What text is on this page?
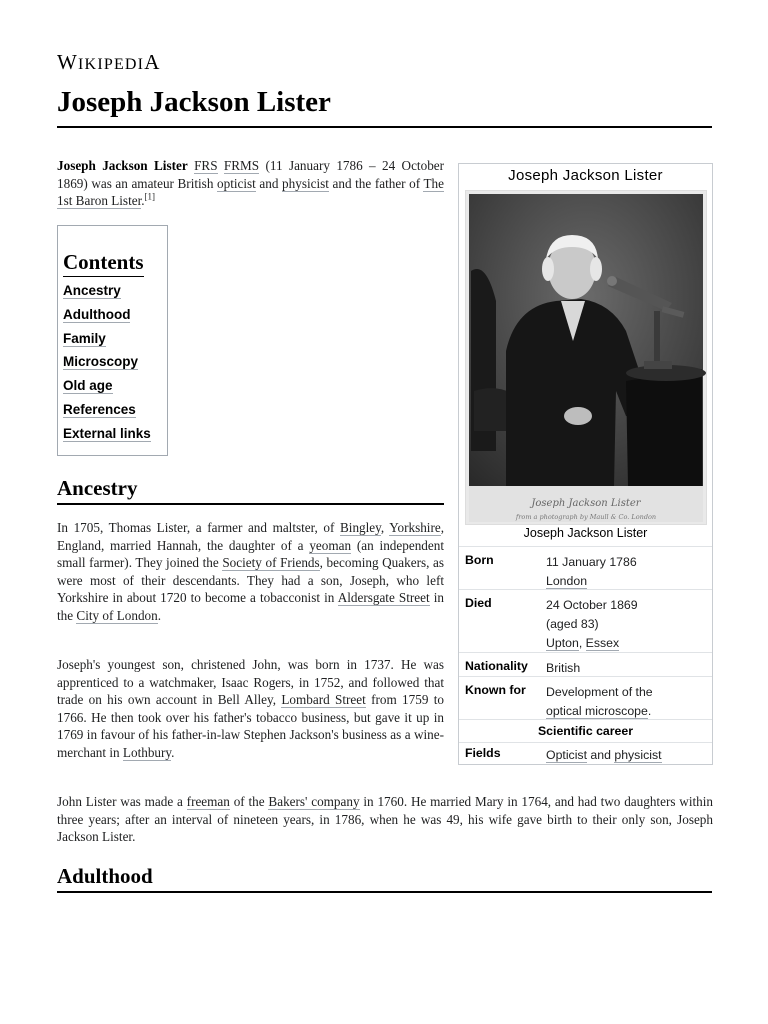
WIKIPEDIA
Joseph Jackson Lister

Joseph Jackson Lister FRS FRMS (11 January 1786 – 24 October 1869) was an amateur British opticist and physicist and the father of The 1st Baron Lister.[1]

Contents
Ancestry
Adulthood
Family
Microscopy
Old age
References
External links
Ancestry

In 1705, Thomas Lister, a farmer and maltster, of Bingley, Yorkshire, England, married Hannah, the daughter of a yeoman (an independent small farmer). They joined the Society of Friends, becoming Quakers, as were most of their descendants. They had a son, Joseph, who left Yorkshire in about 1720 to become a tobacconist in Aldersgate Street in the City of London.

Joseph's youngest son, christened John, was born in 1737. He was apprenticed to a watchmaker, Isaac Rogers, in 1752, and followed that trade on his own account in Bell Alley, Lombard Street from 1759 to 1766. He then took over his father's tobacco business, but gave it up in 1769 in favour of his father-in-law Stephen Jackson's business as a wine-merchant in Lothbury.

John Lister was made a freeman of the Bakers' company in 1760. He married Mary in 1764, and had two daughters within three years; after an interval of nineteen years, in 1786, when he was 49, his wife gave birth to their only son, Joseph Jackson Lister.

Adulthood
Joseph Jackson Lister
Joseph Jackson Lister
from a photograph by Maull & Co. London
Joseph Jackson Lister
Born	11 January 1786
London
Died	24 October 1869
(aged 83)
Upton, Essex
Nationality British
Known for Development of the
optical microscope.
Scientific career
Fields	Opticist and physicist
